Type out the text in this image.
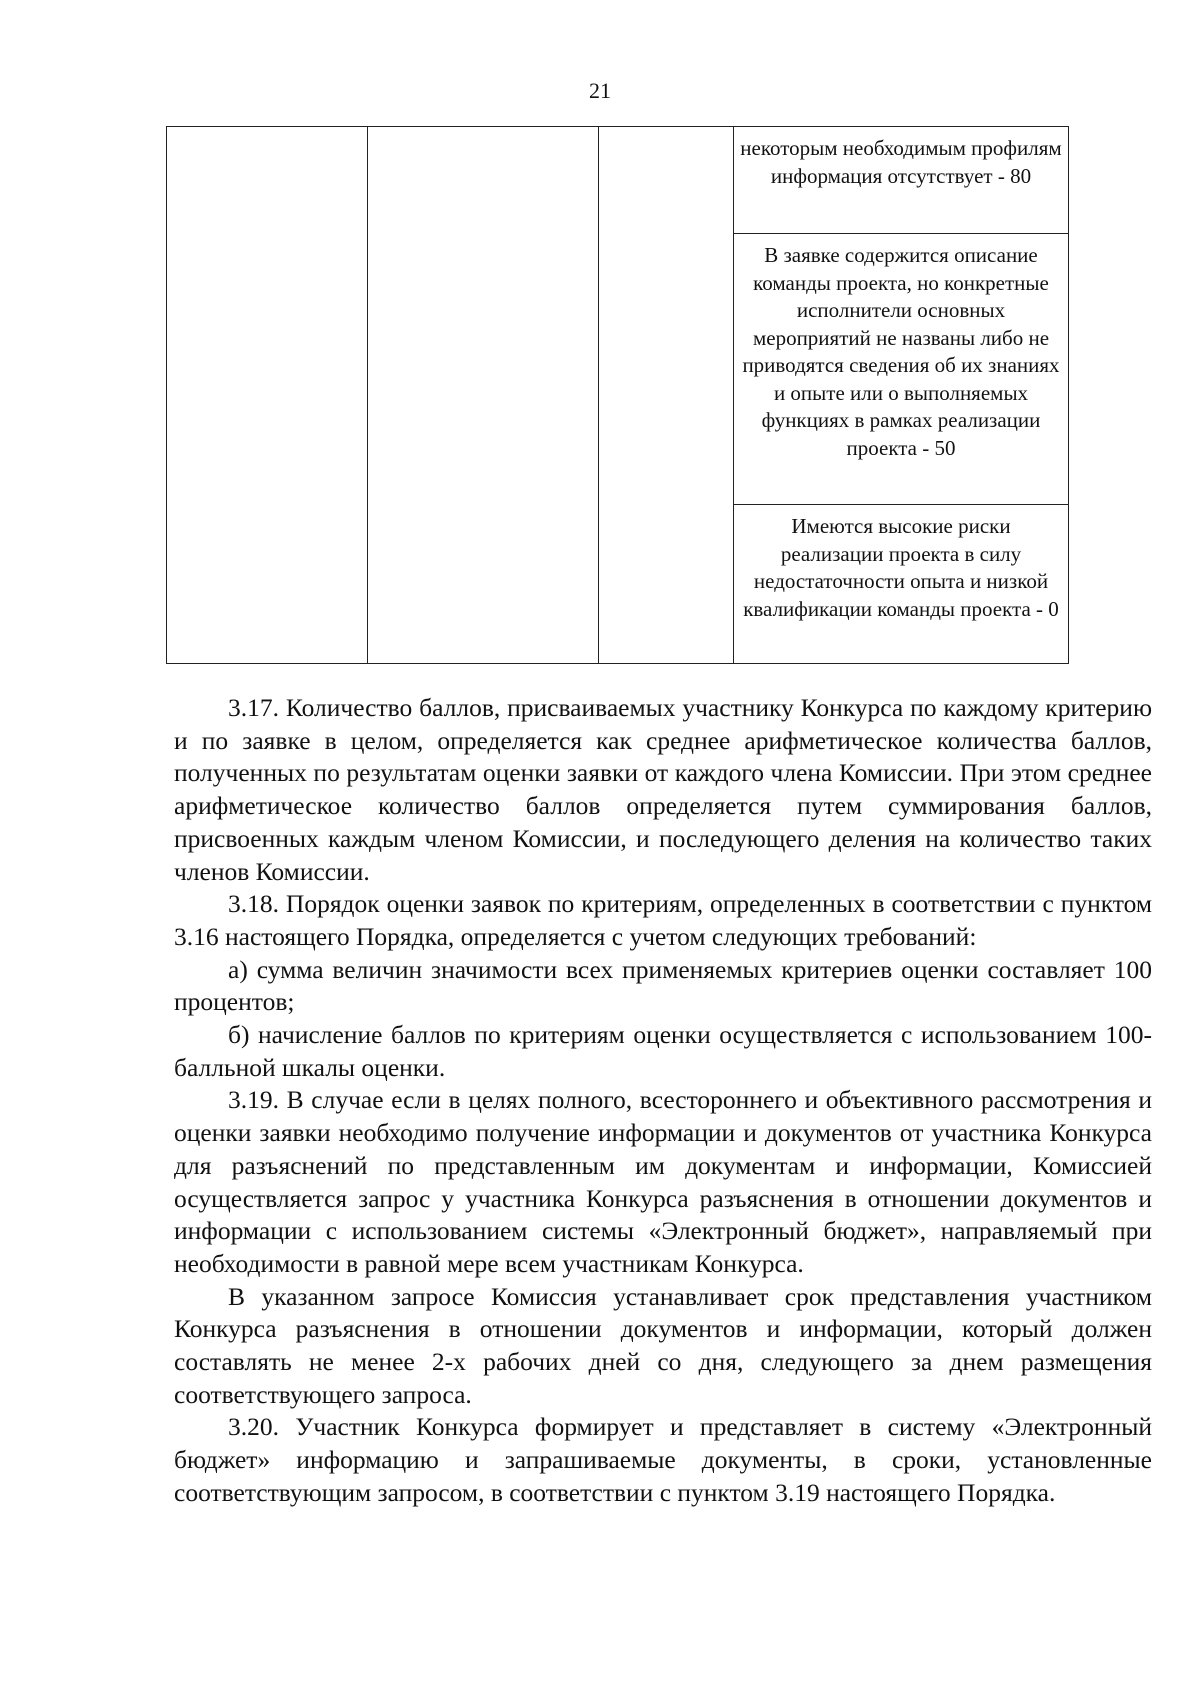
21

некоторым необходимым профилям информация отсутствует - 80
В заявке содержится описание команды проекта, но конкретные исполнители основных мероприятий не названы либо не приводятся сведения об их знаниях и опыте или о выполняемых функциях в рамках реализации проекта - 50
Имеются высокие риски реализации проекта в силу недостаточности опыта и низкой квалификации команды проекта - 0

3.17. Количество баллов, присваиваемых участнику Конкурса по каждому критерию и по заявке в целом, определяется как среднее арифметическое количества баллов, полученных по результатам оценки заявки от каждого члена Комиссии. При этом среднее арифметическое количество баллов определяется путем суммирования баллов, присвоенных каждым членом Комиссии, и последующего деления на количество таких членов Комиссии.

3.18. Порядок оценки заявок по критериям, определенных в соответствии с пунктом 3.16 настоящего Порядка, определяется с учетом следующих требований:

а) сумма величин значимости всех применяемых критериев оценки составляет 100 процентов;

б) начисление баллов по критериям оценки осуществляется с использованием 100-балльной шкалы оценки.

3.19. В случае если в целях полного, всестороннего и объективного рассмотрения и оценки заявки необходимо получение информации и документов от участника Конкурса для разъяснений по представленным им документам и информации, Комиссией осуществляется запрос у участника Конкурса разъяснения в отношении документов и информации с использованием системы «Электронный бюджет», направляемый при необходимости в равной мере всем участникам Конкурса.

В указанном запросе Комиссия устанавливает срок представления участником Конкурса разъяснения в отношении документов и информации, который должен составлять не менее 2-х рабочих дней со дня, следующего за днем размещения соответствующего запроса.

3.20. Участник Конкурса формирует и представляет в систему «Электронный бюджет» информацию и запрашиваемые документы, в сроки, установленные соответствующим запросом, в соответствии с пунктом 3.19 настоящего Порядка.
